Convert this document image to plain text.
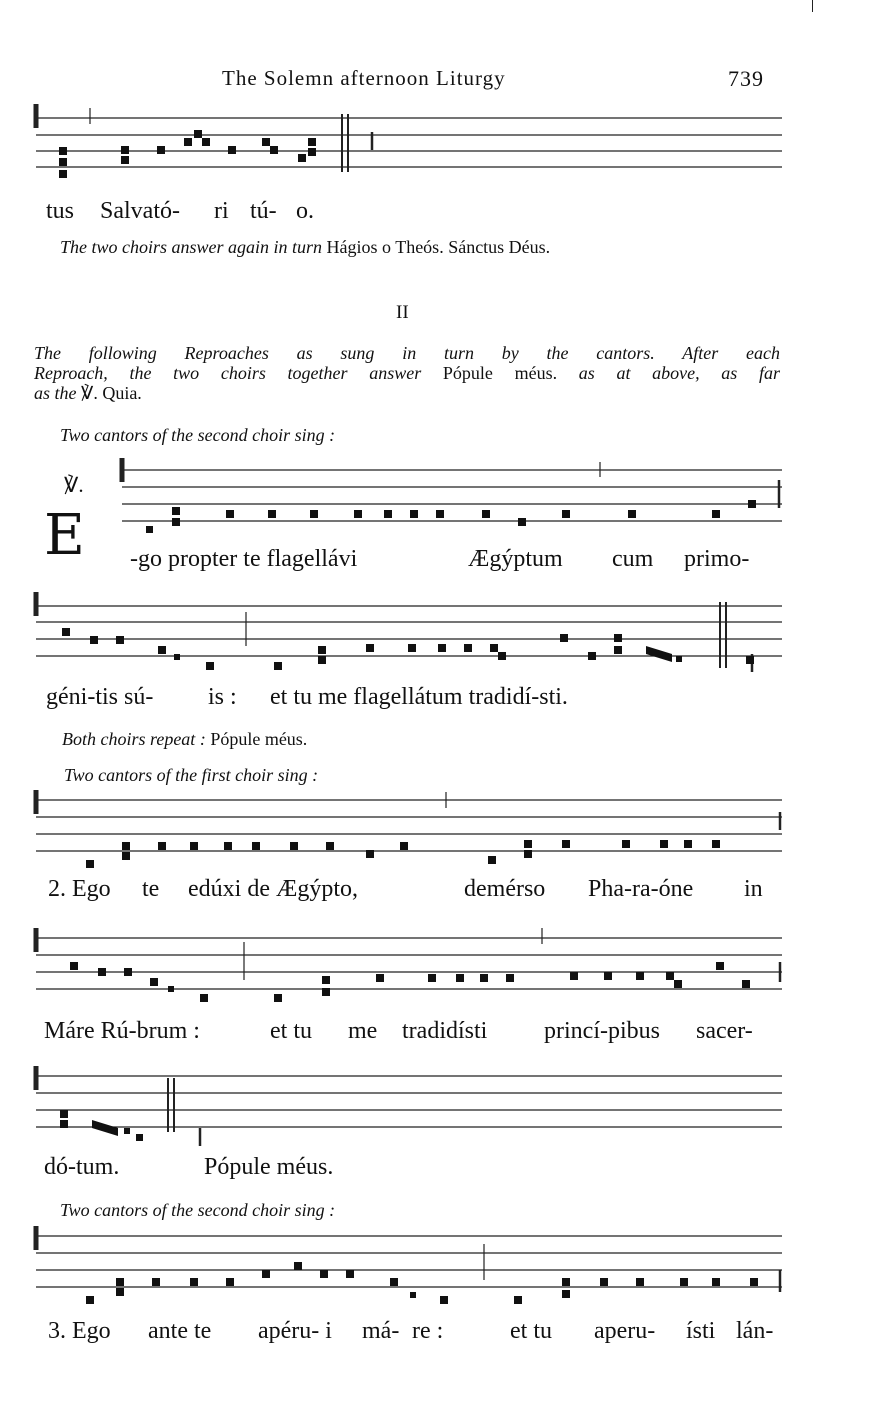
The Solemn afternoon Liturgy	739
tus Salvató- ri tú- o.
The two choirs answer again in turn Hágios o Theós. Sánctus Déus.
II
The following Reproaches as sung in turn by the cantors. After each
Reproach, the two choirs together answer Pópule méus. as at above, as far
as the ℣. Quia.
Two cantors of the second choir sing :
℣.
E -go propter te flagellávi	Ægýptum cum primo-
géni-tis sú- is : et tu me flagellátum tradidí-sti.
Both choirs repeat : Pópule méus.
Two cantors of the first choir sing :
2. Ego te edúxi de Ægýpto,	demérso Pha-ra-óne in
Máre Rú-brum :	et tu me tradidísti princí-pibus sacer-
dó-tum.	Pópule méus.
Two cantors of the second choir sing :
3. Ego ante te apéru- i má- re :	et tu aperu- ísti lán-
